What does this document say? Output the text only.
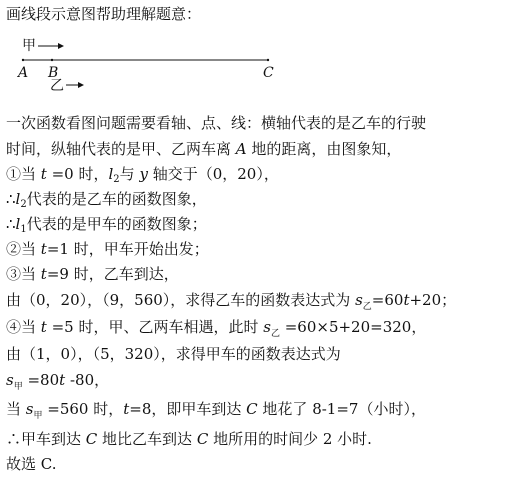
画线段示意图帮助理解题意：
甲
A B	C
乙
一次函数看图问题需要看轴、点、线：横轴代表的是乙车的行驶
时间，纵轴代表的是甲、乙两车离 A 地的距离，由图象知，
①当 t =0 时，$l_2$与 y 轴交于（0，20），
$\therefore l_2$代表的是乙车的函数图象，
$\therefore l_1$代表的是甲车的函数图象；
②当 t=1 时，甲车开始出发；
③当 t=9 时，乙车到达，
由（0，20），（9，560），求得乙车的函数表达式为 $s_乙=60t+20$；
④当 t =5 时，甲、乙两车相遇，此时 $s_乙 =60\times 5+20=320$，
由（1，0），（5，320），求得甲车的函数表达式为
$s_甲 =80t$ -80，
当 $s_甲 =560$ 时，t=8，即甲车到达 C 地花了 8-1=7（小时），
∴甲车到达 C 地比乙车到达 C 地所用的时间少 2 小时.
故选 C.
